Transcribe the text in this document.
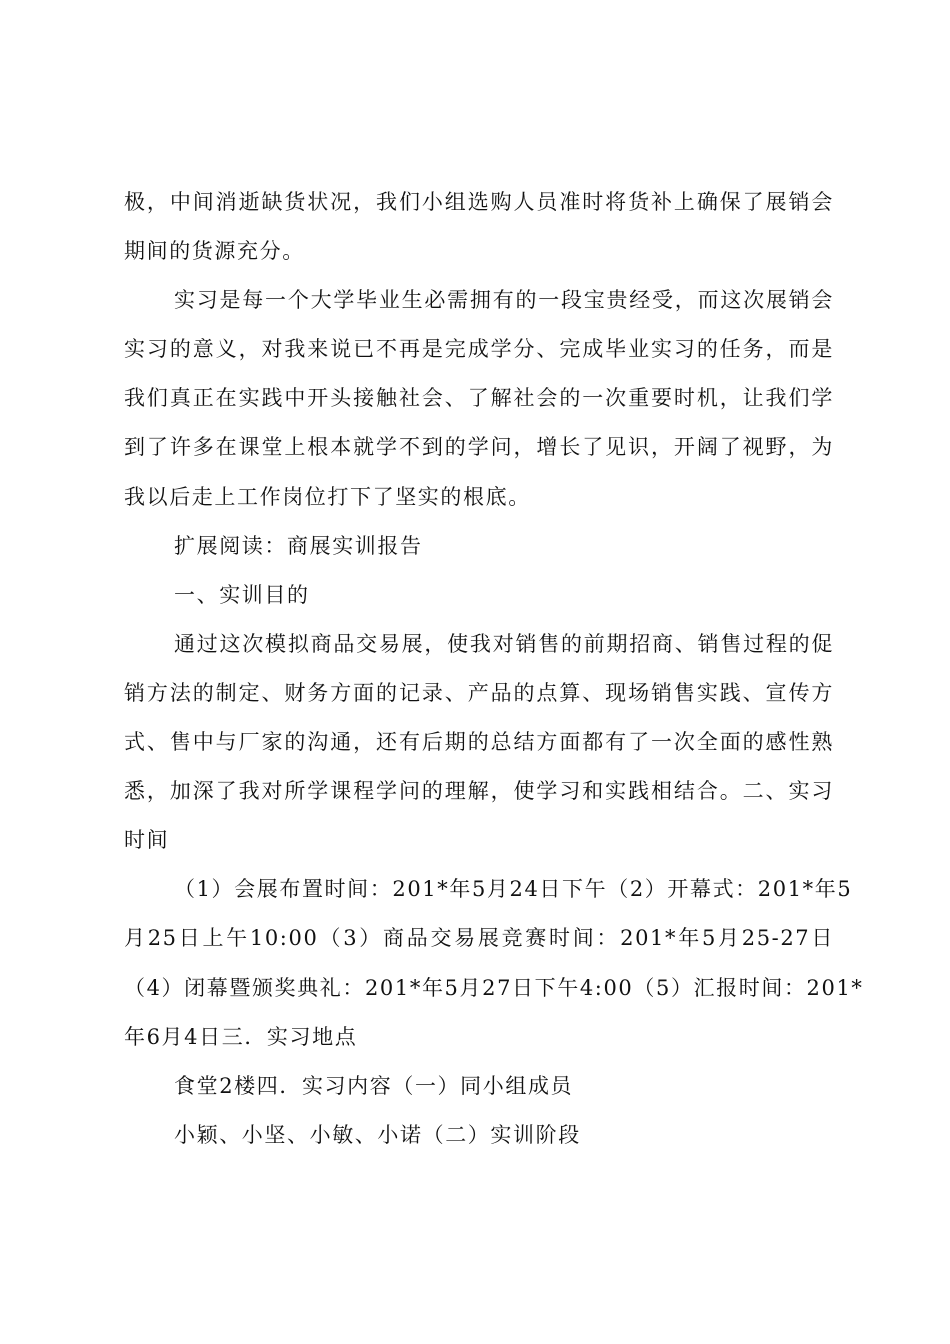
极，中间消逝缺货状况，我们小组选购人员准时将货补上确保了展销会
期间的货源充分。
实习是每一个大学毕业生必需拥有的一段宝贵经受，而这次展销会
实习的意义，对我来说已不再是完成学分、完成毕业实习的任务，而是
我们真正在实践中开头接触社会、了解社会的一次重要时机，让我们学
到了许多在课堂上根本就学不到的学问，增长了见识，开阔了视野，为
我以后走上工作岗位打下了坚实的根底。
扩展阅读：商展实训报告
一、实训目的
通过这次模拟商品交易展，使我对销售的前期招商、销售过程的促
销方法的制定、财务方面的记录、产品的点算、现场销售实践、宣传方
式、售中与厂家的沟通，还有后期的总结方面都有了一次全面的感性熟
悉，加深了我对所学课程学问的理解，使学习和实践相结合。二、实习
时间
（1）会展布置时间：201*年5月24日下午（2）开幕式：201*年5
月25日上午10:00（3）商品交易展竞赛时间：201*年5月25-27日
（4）闭幕暨颁奖典礼：201*年5月27日下午4:00（5）汇报时间：201*
年6月4日三．实习地点
食堂2楼四．实习内容（一）同小组成员
小颖、小坚、小敏、小诺（二）实训阶段
